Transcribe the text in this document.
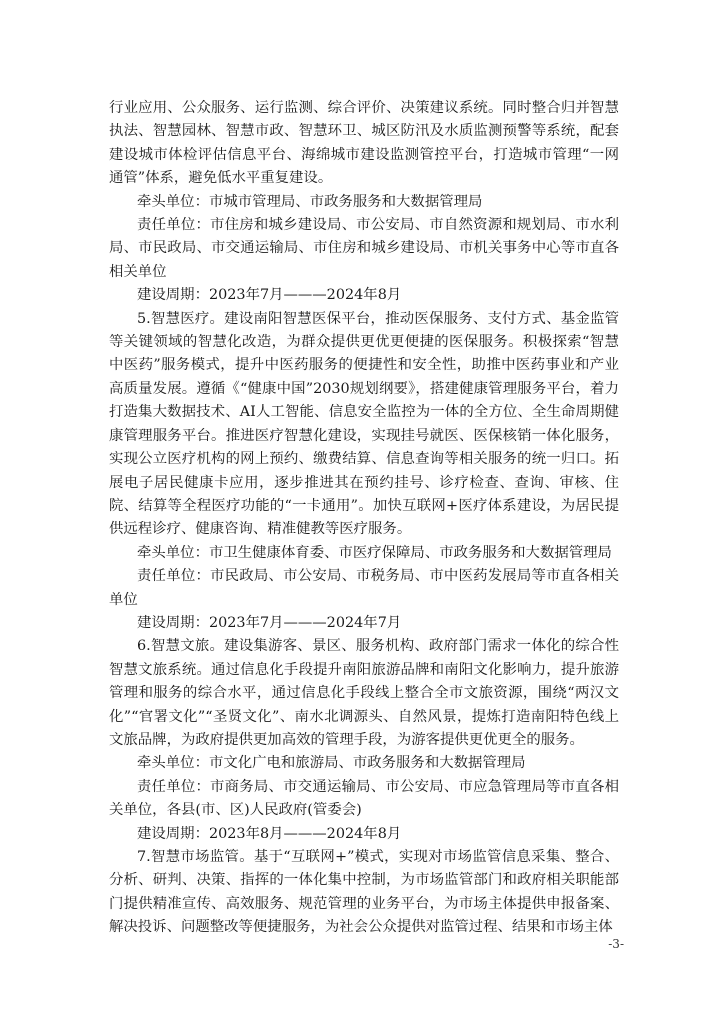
行业应用、公众服务、运行监测、综合评价、决策建议系统。同时整合归并智慧执法、智慧园林、智慧市政、智慧环卫、城区防汛及水质监测预警等系统，配套建设城市体检评估信息平台、海绵城市建设监测管控平台，打造城市管理“一网通管”体系，避免低水平重复建设。

牵头单位：市城市管理局、市政务服务和大数据管理局

责任单位：市住房和城乡建设局、市公安局、市自然资源和规划局、市水利局、市民政局、市交通运输局、市住房和城乡建设局、市机关事务中心等市直各相关单位

建设周期：2023年7月———2024年8月

5.智慧医疗。建设南阳智慧医保平台，推动医保服务、支付方式、基金监管等关键领域的智慧化改造，为群众提供更优更便捷的医保服务。积极探索“智慧中医药”服务模式，提升中医药服务的便捷性和安全性，助推中医药事业和产业高质量发展。遵循《“健康中国”2030规划纲要》，搭建健康管理服务平台，着力打造集大数据技术、AI人工智能、信息安全监控为一体的全方位、全生命周期健康管理服务平台。推进医疗智慧化建设，实现挂号就医、医保核销一体化服务，实现公立医疗机构的网上预约、缴费结算、信息查询等相关服务的统一归口。拓展电子居民健康卡应用，逐步推进其在预约挂号、诊疗检查、查询、审核、住院、结算等全程医疗功能的“一卡通用”。加快互联网+医疗体系建设，为居民提供远程诊疗、健康咨询、精准健教等医疗服务。

牵头单位：市卫生健康体育委、市医疗保障局、市政务服务和大数据管理局

责任单位：市民政局、市公安局、市税务局、市中医药发展局等市直各相关单位

建设周期：2023年7月———2024年7月

6.智慧文旅。建设集游客、景区、服务机构、政府部门需求一体化的综合性智慧文旅系统。通过信息化手段提升南阳旅游品牌和南阳文化影响力，提升旅游管理和服务的综合水平，通过信息化手段线上整合全市文旅资源，围绕“两汉文化”“官署文化”“圣贤文化”、南水北调源头、自然风景，提炼打造南阳特色线上文旅品牌，为政府提供更加高效的管理手段，为游客提供更优更全的服务。

牵头单位：市文化广电和旅游局、市政务服务和大数据管理局

责任单位：市商务局、市交通运输局、市公安局、市应急管理局等市直各相关单位，各县(市、区)人民政府(管委会)

建设周期：2023年8月———2024年8月

7.智慧市场监管。基于“互联网+”模式，实现对市场监管信息采集、整合、分析、研判、决策、指挥的一体化集中控制，为市场监管部门和政府相关职能部门提供精准宣传、高效服务、规范管理的业务平台，为市场主体提供申报备案、解决投诉、问题整改等便捷服务，为社会公众提供对监管过程、结果和市场主体

-3-
